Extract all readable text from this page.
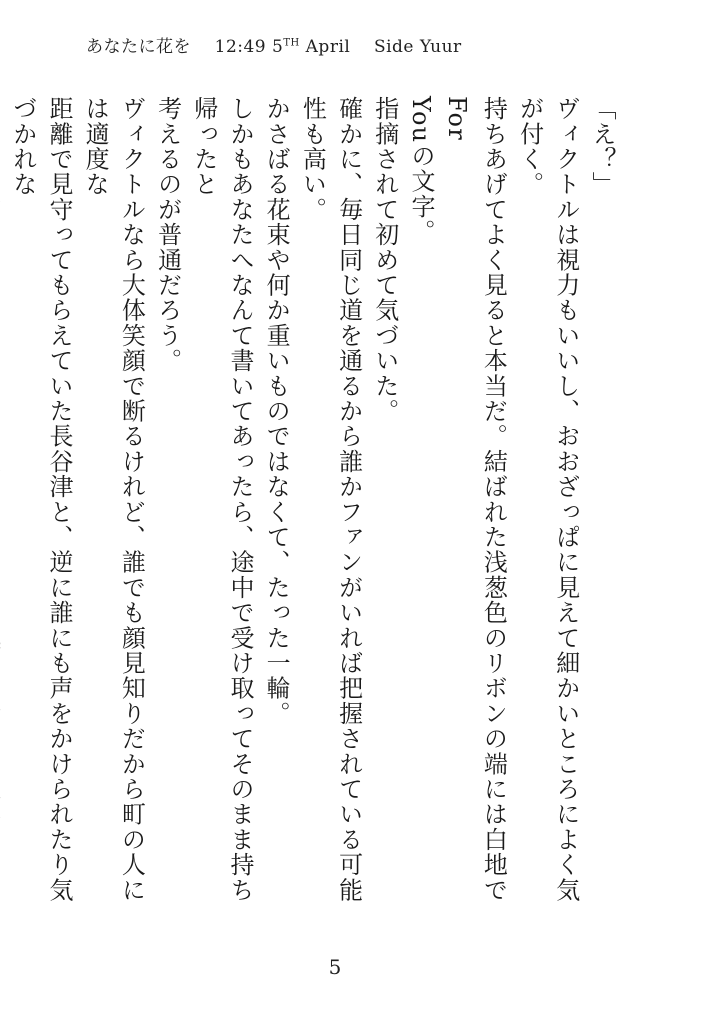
あなたに花を 12:49 5TH April Side Yuur

「え？」

ヴィクトルは視力もいいし、おおざっぱに見えて細かいところによく気が付く。

持ちあげてよく見ると本当だ。結ばれた浅葱色のリボンの端には白地でFor

Youの文字。

指摘されて初めて気づいた。

確かに、毎日同じ道を通るから誰かファンがいれば把握されている可能性も高い。

かさばる花束や何か重いものではなくて、たった一輪。

しかもあなたへなんて書いてあったら、途中で受け取ってそのまま持ち帰ったと

考えるのが普通だろう。

ヴィクトルなら大体笑顔で断るけれど、誰でも顔見知りだから町の人には適度な

距離で見守ってもらえていた長谷津と、逆に誰にも声をかけられたり気づかれな

5
